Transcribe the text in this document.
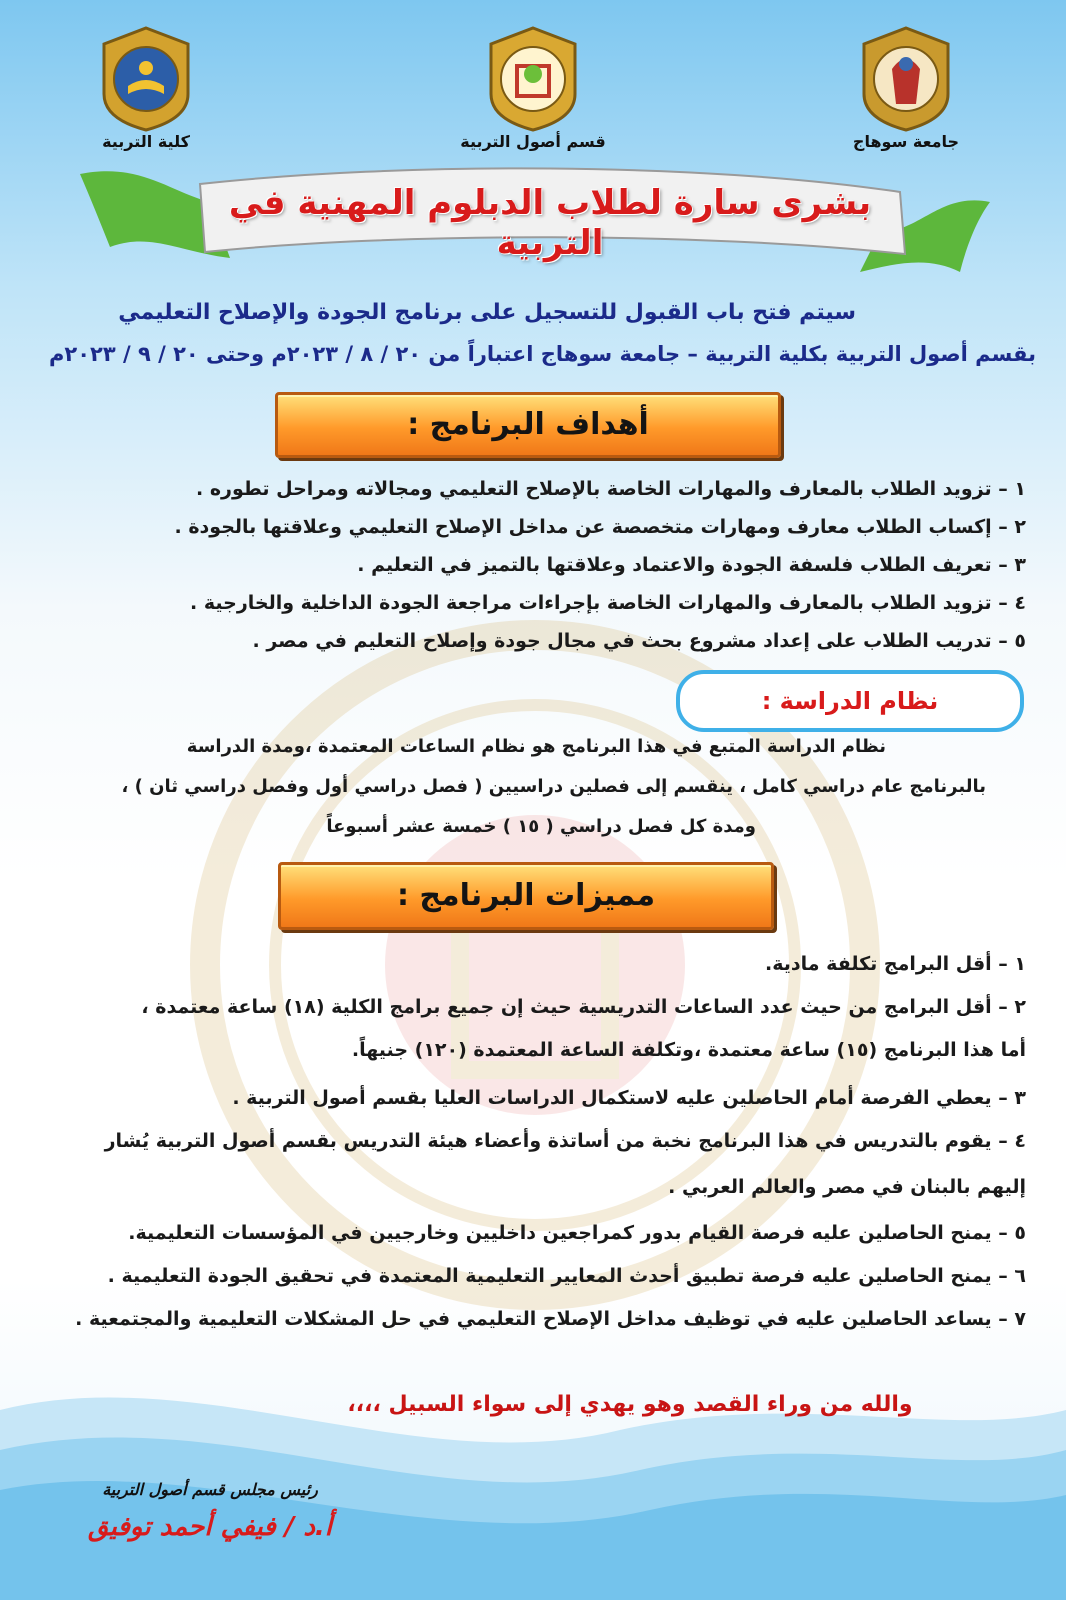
جامعة سوهاج
قسم أصول التربية
كلية التربية
بشرى سارة لطلاب الدبلوم المهنية في التربية
سيتم فتح باب القبول للتسجيل على برنامج الجودة والإصلاح التعليمي
بقسم أصول التربية بكلية التربية – جامعة سوهاج اعتباراً من ٢٠ / ٨ / ٢٠٢٣م وحتى ٢٠ / ٩ / ٢٠٢٣م
أهداف البرنامج :
١ – تزويد الطلاب بالمعارف والمهارات الخاصة بالإصلاح التعليمي ومجالاته ومراحل تطوره .
٢ – إكساب الطلاب معارف ومهارات متخصصة عن مداخل الإصلاح التعليمي وعلاقتها بالجودة .
٣ – تعريف الطلاب فلسفة الجودة والاعتماد وعلاقتها بالتميز في التعليم .
٤ – تزويد الطلاب بالمعارف والمهارات الخاصة بإجراءات مراجعة الجودة الداخلية والخارجية .
٥ – تدريب الطلاب على إعداد مشروع بحث في مجال جودة وإصلاح التعليم في مصر .
نظام الدراسة :
نظام الدراسة المتبع في هذا البرنامج هو نظام الساعات المعتمدة ،ومدة الدراسة
بالبرنامج عام دراسي كامل ، ينقسم إلى فصلين دراسيين ( فصل دراسي أول وفصل دراسي ثان ) ،
ومدة كل فصل دراسي ( ١٥ ) خمسة عشر أسبوعاً
مميزات البرنامج :
١ – أقل البرامج تكلفة مادية.
٢ – أقل البرامج من حيث عدد الساعات التدريسية حيث إن جميع برامج الكلية (١٨) ساعة معتمدة ،
أما هذا البرنامج (١٥) ساعة معتمدة ،وتكلفة الساعة المعتمدة (١٢٠) جنيهاً.
٣ – يعطي الفرصة أمام الحاصلين عليه لاستكمال الدراسات العليا بقسم أصول التربية .
٤ – يقوم بالتدريس في هذا البرنامج نخبة من أساتذة وأعضاء هيئة التدريس بقسم أصول التربية يُشار
إليهم بالبنان في مصر والعالم العربي .
٥ – يمنح الحاصلين عليه فرصة القيام بدور كمراجعين داخليين وخارجيين في المؤسسات التعليمية.
٦ – يمنح الحاصلين عليه فرصة تطبيق أحدث المعايير التعليمية المعتمدة في تحقيق الجودة التعليمية .
٧ – يساعد الحاصلين عليه في توظيف مداخل الإصلاح التعليمي في حل المشكلات التعليمية والمجتمعية .
والله من وراء القصد وهو يهدي إلى سواء السبيل ،،،،
رئيس مجلس قسم أصول التربية
أ.د / فيفي أحمد توفيق
